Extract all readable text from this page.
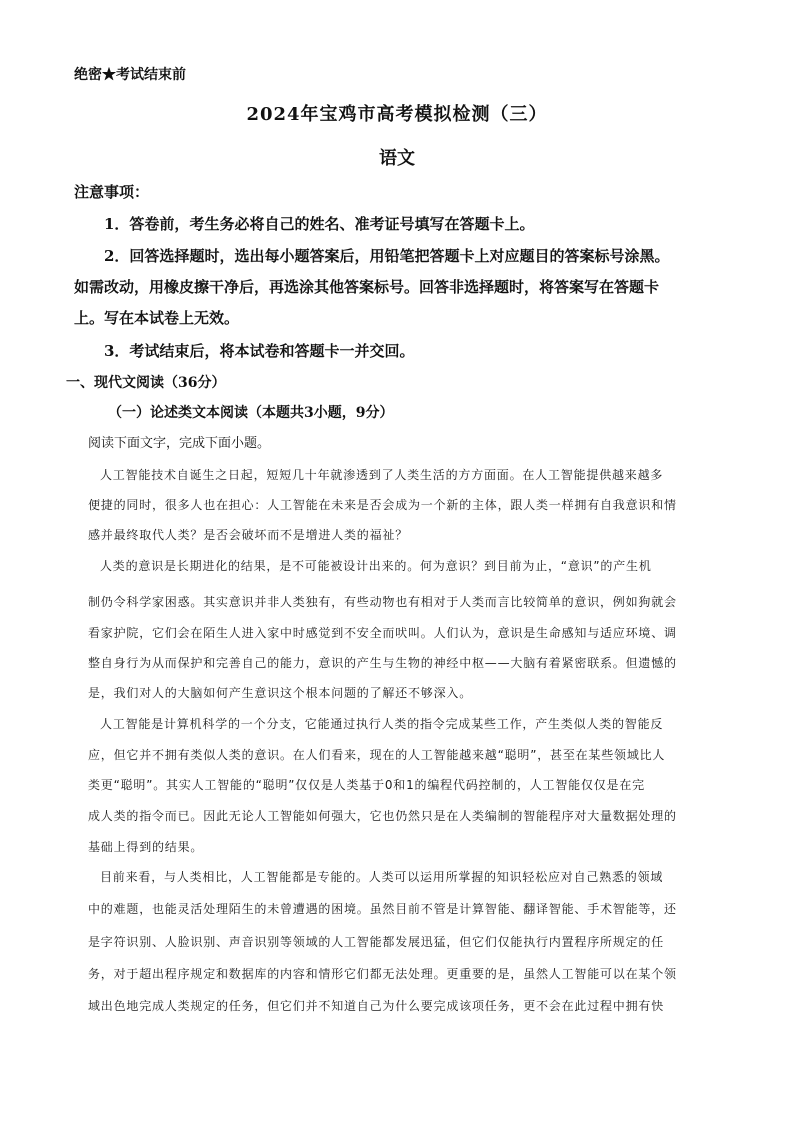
绝密★考试结束前
2024年宝鸡市高考模拟检测（三）
语文
注意事项：
1．答卷前，考生务必将自己的姓名、准考证号填写在答题卡上。
2．回答选择题时，选出每小题答案后，用铅笔把答题卡上对应题目的答案标号涂黑。
如需改动，用橡皮擦干净后，再选涂其他答案标号。回答非选择题时，将答案写在答题卡
上。写在本试卷上无效。
3．考试结束后，将本试卷和答题卡一并交回。
一、现代文阅读（36分）
（一）论述类文本阅读（本题共3小题，9分）
阅读下面文字，完成下面小题。
人工智能技术自诞生之日起，短短几十年就渗透到了人类生活的方方面面。在人工智能提供越来越多
便捷的同时，很多人也在担心：人工智能在未来是否会成为一个新的主体，跟人类一样拥有自我意识和情
感并最终取代人类？是否会破坏而不是增进人类的福祉？
人类的意识是长期进化的结果，是不可能被设计出来的。何为意识？到目前为止，“意识”的产生机
制仍令科学家困惑。其实意识并非人类独有，有些动物也有相对于人类而言比较简单的意识，例如狗就会
看家护院，它们会在陌生人进入家中时感觉到不安全而吠叫。人们认为，意识是生命感知与适应环境、调
整自身行为从而保护和完善自己的能力，意识的产生与生物的神经中枢——大脑有着紧密联系。但遗憾的
是，我们对人的大脑如何产生意识这个根本问题的了解还不够深入。
人工智能是计算机科学的一个分支，它能通过执行人类的指令完成某些工作，产生类似人类的智能反
应，但它并不拥有类似人类的意识。在人们看来，现在的人工智能越来越“聪明”，甚至在某些领域比人
类更“聪明”。其实人工智能的“聪明”仅仅是人类基于0和1的编程代码控制的，人工智能仅仅是在完
成人类的指令而已。因此无论人工智能如何强大，它也仍然只是在人类编制的智能程序对大量数据处理的
基础上得到的结果。
目前来看，与人类相比，人工智能都是专能的。人类可以运用所掌握的知识轻松应对自己熟悉的领域
中的难题，也能灵活处理陌生的未曾遭遇的困境。虽然目前不管是计算智能、翻译智能、手术智能等，还
是字符识别、人脸识别、声音识别等领域的人工智能都发展迅猛，但它们仅能执行内置程序所规定的任
务，对于超出程序规定和数据库的内容和情形它们都无法处理。更重要的是，虽然人工智能可以在某个领
域出色地完成人类规定的任务，但它们并不知道自己为什么要完成该项任务，更不会在此过程中拥有快
